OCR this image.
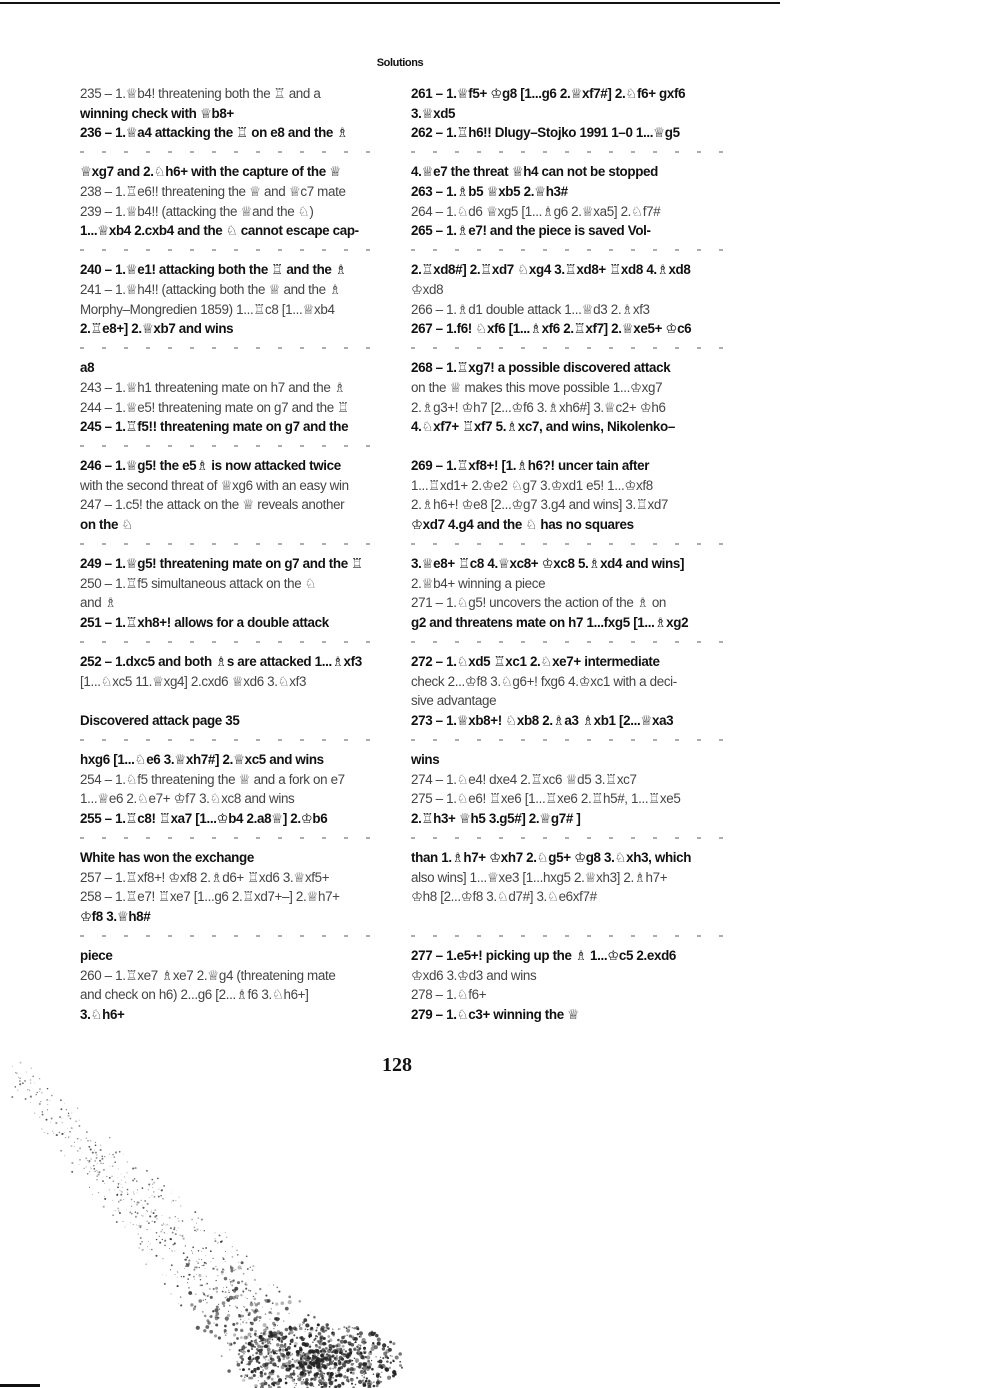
Solutions
235 – 1.♕b4! threatening both the ♖ and a
winning check with ♕b8+
236 – 1.♕a4 attacking the ♖ on e8 and the ♗
♕xg7 and 2.♘h6+ with the capture of the ♕
238 – 1.♖e6!! threatening the ♕ and ♕c7 mate
239 – 1.♕b4!! (attacking the ♕and the ♘)
1...♕xb4 2.cxb4 and the ♘ cannot escape cap-
240 – 1.♕e1! attacking both the ♖ and the ♗
241 – 1.♕h4!! (attacking both the ♕ and the ♗
Morphy–Mongredien 1859) 1...♖c8 [1...♕xb4
2.♖e8+] 2.♕xb7 and wins
a8
243 – 1.♕h1 threatening mate on h7 and the ♗
244 – 1.♕e5! threatening mate on g7 and the ♖
245 – 1.♖f5!! threatening mate on g7 and the
246 – 1.♕g5! the e5♗ is now attacked twice
with the second threat of ♕xg6 with an easy win
247 – 1.c5! the attack on the ♕ reveals another
on the ♘
249 – 1.♕g5! threatening mate on g7 and the ♖
250 – 1.♖f5 simultaneous attack on the ♘
and ♗
251 – 1.♖xh8+! allows for a double attack
252 – 1.dxc5 and both ♗s are attacked 1...♗xf3
[1...♘xc5 11.♕xg4] 2.cxd6 ♕xd6 3.♘xf3
Discovered attack page 35
hxg6 [1...♘e6 3.♕xh7#] 2.♕xc5 and wins
254 – 1.♘f5 threatening the ♕ and a fork on e7
1...♕e6 2.♘e7+ ♔f7 3.♘xc8 and wins
255 – 1.♖c8! ♖xa7 [1...♔b4 2.a8♕] 2.♔b6
White has won the exchange
257 – 1.♖xf8+! ♔xf8 2.♗d6+ ♖xd6 3.♕xf5+
258 – 1.♖e7! ♖xe7 [1...g6 2.♖xd7+–] 2.♕h7+
♔f8 3.♕h8#
piece
260 – 1.♖xe7 ♗xe7 2.♕g4 (threatening mate
and check on h6) 2...g6 [2...♗f6 3.♘h6+]
3.♘h6+
261 – 1.♕f5+ ♔g8 [1...g6 2.♕xf7#] 2.♘f6+ gxf6
3.♕xd5
262 – 1.♖h6!! Dlugy–Stojko 1991 1–0 1...♕g5
4.♕e7 the threat ♕h4 can not be stopped
263 – 1.♗b5 ♕xb5 2.♕h3#
264 – 1.♘d6 ♕xg5 [1...♗g6 2.♕xa5] 2.♘f7#
265 – 1.♗e7! and the piece is saved Vol-
2.♖xd8#] 2.♖xd7 ♘xg4 3.♖xd8+ ♖xd8 4.♗xd8
♔xd8
266 – 1.♗d1 double attack 1...♕d3 2.♗xf3
267 – 1.f6! ♘xf6 [1...♗xf6 2.♖xf7] 2.♕xe5+ ♔c6
268 – 1.♖xg7! a possible discovered attack
on the ♕ makes this move possible 1...♔xg7
2.♗g3+! ♔h7 [2...♔f6 3.♗xh6#] 3.♕c2+ ♔h6
4.♘xf7+ ♖xf7 5.♗xc7, and wins, Nikolenko–
269 – 1.♖xf8+! [1.♗h6?! uncer tain after
1...♖xd1+ 2.♔e2 ♘g7 3.♔xd1 e5! 1...♔xf8
2.♗h6+! ♔e8 [2...♔g7 3.g4 and wins] 3.♖xd7
♔xd7 4.g4 and the ♘ has no squares
3.♕e8+ ♖c8 4.♕xc8+ ♔xc8 5.♗xd4 and wins]
2.♕b4+ winning a piece
271 – 1.♘g5! uncovers the action of the ♗ on
g2 and threatens mate on h7 1...fxg5 [1...♗xg2
272 – 1.♘xd5 ♖xc1 2.♘xe7+ intermediate
check 2...♔f8 3.♘g6+! fxg6 4.♔xc1 with a deci-
sive advantage
273 – 1.♕xb8+! ♘xb8 2.♗a3 ♗xb1 [2...♕xa3
wins
274 – 1.♘e4! dxe4 2.♖xc6 ♕d5 3.♖xc7
275 – 1.♘e6! ♖xe6 [1...♖xe6 2.♖h5#, 1...♖xe5
2.♖h3+ ♕h5 3.g5#] 2.♕g7# ]
than 1.♗h7+ ♔xh7 2.♘g5+ ♔g8 3.♘xh3, which
also wins] 1...♕xe3 [1...hxg5 2.♕xh3] 2.♗h7+
♔h8 [2...♔f8 3.♘d7#] 3.♘e6xf7#
277 – 1.e5+! picking up the ♗ 1...♔c5 2.exd6
♔xd6 3.♔d3 and wins
278 – 1.♘f6+
279 – 1.♘c3+ winning the ♕
128
